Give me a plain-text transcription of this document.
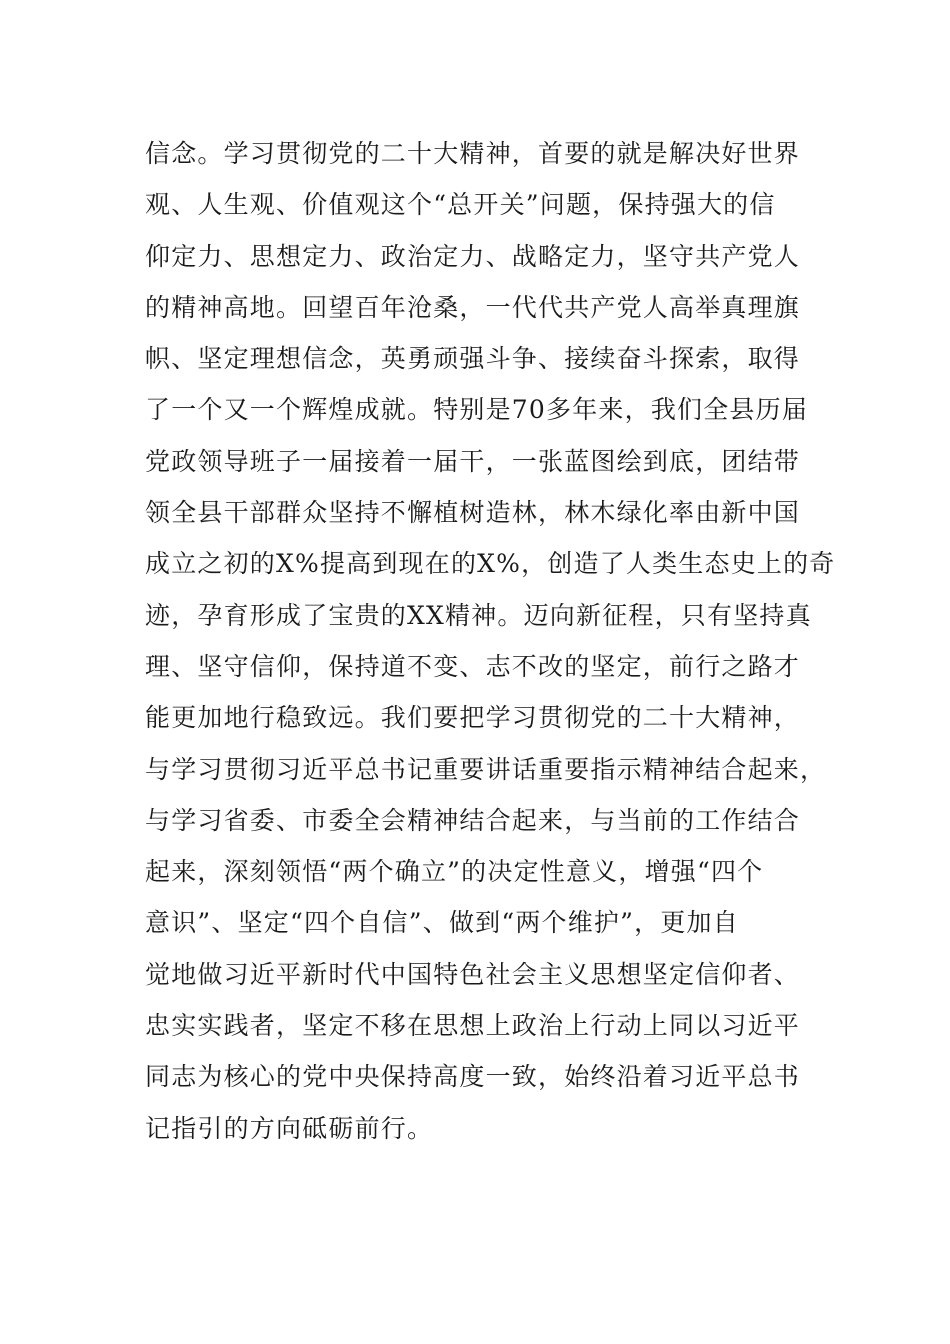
信念。学习贯彻党的二十大精神，首要的就是解决好世界
观、人生观、价值观这个“总开关”问题，保持强大的信
仰定力、思想定力、政治定力、战略定力，坚守共产党人
的精神高地。回望百年沧桑，一代代共产党人高举真理旗
帜、坚定理想信念，英勇顽强斗争、接续奋斗探索，取得
了一个又一个辉煌成就。特别是70多年来，我们全县历届
党政领导班子一届接着一届干，一张蓝图绘到底，团结带
领全县干部群众坚持不懈植树造林，林木绿化率由新中国
成立之初的X%提高到现在的X%，创造了人类生态史上的奇
迹，孕育形成了宝贵的XX精神。迈向新征程，只有坚持真
理、坚守信仰，保持道不变、志不改的坚定，前行之路才
能更加地行稳致远。我们要把学习贯彻党的二十大精神，
与学习贯彻习近平总书记重要讲话重要指示精神结合起来，
与学习省委、市委全会精神结合起来，与当前的工作结合
起来，深刻领悟“两个确立”的决定性意义，增强“四个
意识”、坚定“四个自信”、做到“两个维护”，更加自
觉地做习近平新时代中国特色社会主义思想坚定信仰者、
忠实实践者，坚定不移在思想上政治上行动上同以习近平
同志为核心的党中央保持高度一致，始终沿着习近平总书
记指引的方向砥砺前行。
